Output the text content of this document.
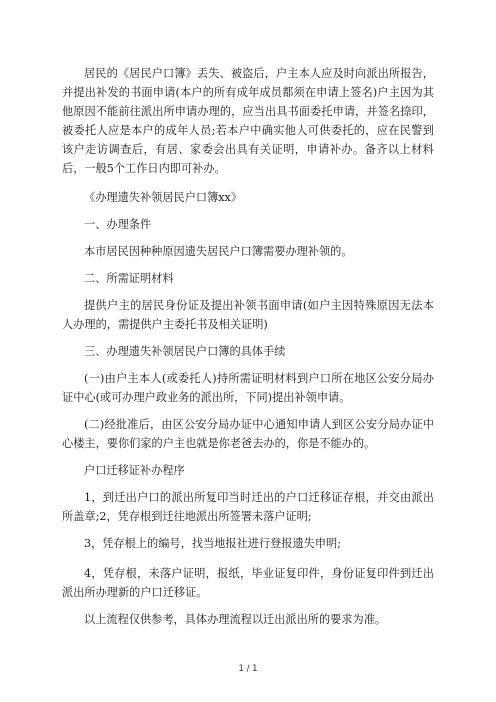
居民的《居民户口簿》丢失、被盗后，户主本人应及时向派出所报告，并提出补发的书面申请(本户的所有成年成员都须在申请上签名)户主因为其他原因不能前往派出所申请办理的，应当出具书面委托申请，并签名捺印，被委托人应是本户的成年人员;若本户中确实他人可供委托的，应在民警到该户走访调查后，有居、家委会出具有关证明，申请补办。备齐以上材料后，一般5个工作日内即可补办。

《办理遗失补领居民户口簿xx》

一、办理条件

本市居民因种种原因遗失居民户口簿需要办理补领的。

二、所需证明材料

提供户主的居民身份证及提出补领书面申请(如户主因特殊原因无法本人办理的，需提供户主委托书及相关证明)

三、办理遗失补领居民户口簿的具体手续

(一)由户主本人(或委托人)持所需证明材料到户口所在地区公安分局办证中心(或可办理户政业务的派出所，下同)提出补领申请。

(二)经批准后，由区公安分局办证中心通知申请人到区公安分局办证中心楼主，要你们家的户主也就是你老爸去办的，你是不能办的。

户口迁移证补办程序

1，到迁出户口的派出所复印当时迁出的户口迁移证存根，并交由派出所盖章;2，凭存根到迁往地派出所签署未落户证明;

3，凭存根上的编号，找当地报社进行登报遗失申明;

4，凭存根，未落户证明，报纸，毕业证复印件，身份证复印件到迁出派出所办理新的户口迁移证。

以上流程仅供参考，具体办理流程以迁出派出所的要求为准。

1 / 1
